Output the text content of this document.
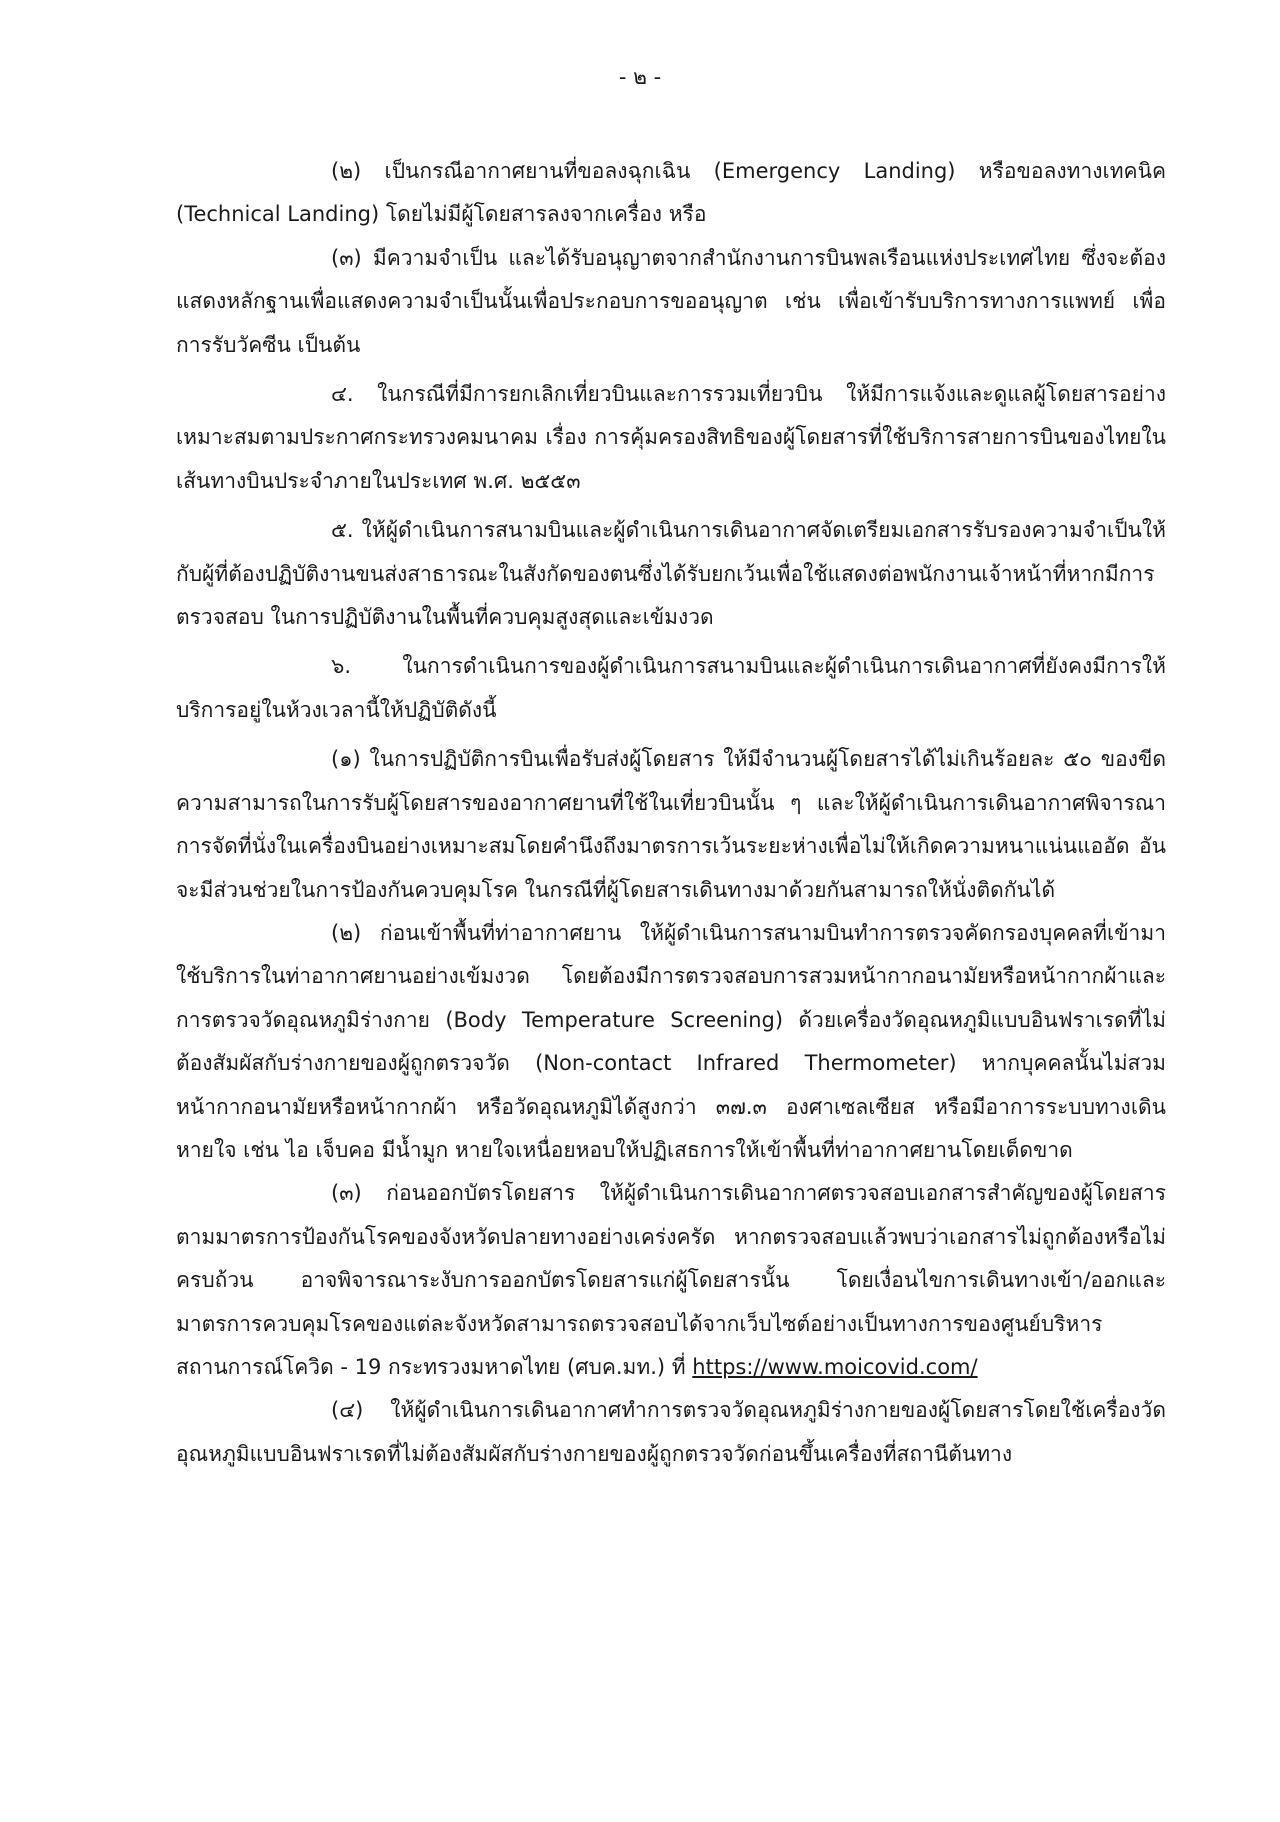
- ๒ -

(๒) เป็นกรณีอากาศยานที่ขอลงฉุกเฉิน (Emergency Landing) หรือขอลงทางเทคนิค (Technical Landing) โดยไม่มีผู้โดยสารลงจากเครื่อง หรือ

(๓) มีความจำเป็น และได้รับอนุญาตจากสำนักงานการบินพลเรือนแห่งประเทศไทย ซึ่งจะต้องแสดงหลักฐานเพื่อแสดงความจำเป็นนั้นเพื่อประกอบการขออนุญาต เช่น เพื่อเข้ารับบริการทางการแพทย์ เพื่อการรับวัคซีน เป็นต้น

๔. ในกรณีที่มีการยกเลิกเที่ยวบินและการรวมเที่ยวบิน ให้มีการแจ้งและดูแลผู้โดยสารอย่างเหมาะสมตามประกาศกระทรวงคมนาคม เรื่อง การคุ้มครองสิทธิของผู้โดยสารที่ใช้บริการสายการบินของไทยในเส้นทางบินประจำภายในประเทศ พ.ศ. ๒๕๕๓

๕. ให้ผู้ดำเนินการสนามบินและผู้ดำเนินการเดินอากาศจัดเตรียมเอกสารรับรองความจำเป็นให้กับผู้ที่ต้องปฏิบัติงานขนส่งสาธารณะในสังกัดของตนซึ่งได้รับยกเว้นเพื่อใช้แสดงต่อพนักงานเจ้าหน้าที่หากมีการตรวจสอบ ในการปฏิบัติงานในพื้นที่ควบคุมสูงสุดและเข้มงวด

๖. ในการดำเนินการของผู้ดำเนินการสนามบินและผู้ดำเนินการเดินอากาศที่ยังคงมีการให้บริการอยู่ในห้วงเวลานี้ให้ปฏิบัติดังนี้

(๑) ในการปฏิบัติการบินเพื่อรับส่งผู้โดยสาร ให้มีจำนวนผู้โดยสารได้ไม่เกินร้อยละ ๕๐ ของขีดความสามารถในการรับผู้โดยสารของอากาศยานที่ใช้ในเที่ยวบินนั้น ๆ และให้ผู้ดำเนินการเดินอากาศพิจารณาการจัดที่นั่งในเครื่องบินอย่างเหมาะสมโดยคำนึงถึงมาตรการเว้นระยะห่างเพื่อไม่ให้เกิดความหนาแน่นแออัด อันจะมีส่วนช่วยในการป้องกันควบคุมโรค ในกรณีที่ผู้โดยสารเดินทางมาด้วยกันสามารถให้นั่งติดกันได้

(๒) ก่อนเข้าพื้นที่ท่าอากาศยาน ให้ผู้ดำเนินการสนามบินทำการตรวจคัดกรองบุคคลที่เข้ามาใช้บริการในท่าอากาศยานอย่างเข้มงวด โดยต้องมีการตรวจสอบการสวมหน้ากากอนามัยหรือหน้ากากผ้าและการตรวจวัดอุณหภูมิร่างกาย (Body Temperature Screening) ด้วยเครื่องวัดอุณหภูมิแบบอินฟราเรดที่ไม่ต้องสัมผัสกับร่างกายของผู้ถูกตรวจวัด (Non-contact Infrared Thermometer) หากบุคคลนั้นไม่สวมหน้ากากอนามัยหรือหน้ากากผ้า หรือวัดอุณหภูมิได้สูงกว่า ๓๗.๓ องศาเซลเซียส หรือมีอาการระบบทางเดินหายใจ เช่น ไอ เจ็บคอ มีน้ำมูก หายใจเหนื่อยหอบให้ปฏิเสธการให้เข้าพื้นที่ท่าอากาศยานโดยเด็ดขาด

(๓) ก่อนออกบัตรโดยสาร ให้ผู้ดำเนินการเดินอากาศตรวจสอบเอกสารสำคัญของผู้โดยสารตามมาตรการป้องกันโรคของจังหวัดปลายทางอย่างเคร่งครัด หากตรวจสอบแล้วพบว่าเอกสารไม่ถูกต้องหรือไม่ครบถ้วน อาจพิจารณาระงับการออกบัตรโดยสารแก่ผู้โดยสารนั้น โดยเงื่อนไขการเดินทางเข้า/ออกและมาตรการควบคุมโรคของแต่ละจังหวัดสามารถตรวจสอบได้จากเว็บไซต์อย่างเป็นทางการของศูนย์บริหารสถานการณ์โควิด - 19 กระทรวงมหาดไทย (ศบค.มท.) ที่ https://www.moicovid.com/

(๔) ให้ผู้ดำเนินการเดินอากาศทำการตรวจวัดอุณหภูมิร่างกายของผู้โดยสารโดยใช้เครื่องวัดอุณหภูมิแบบอินฟราเรดที่ไม่ต้องสัมผัสกับร่างกายของผู้ถูกตรวจวัดก่อนขึ้นเครื่องที่สถานีต้นทาง
